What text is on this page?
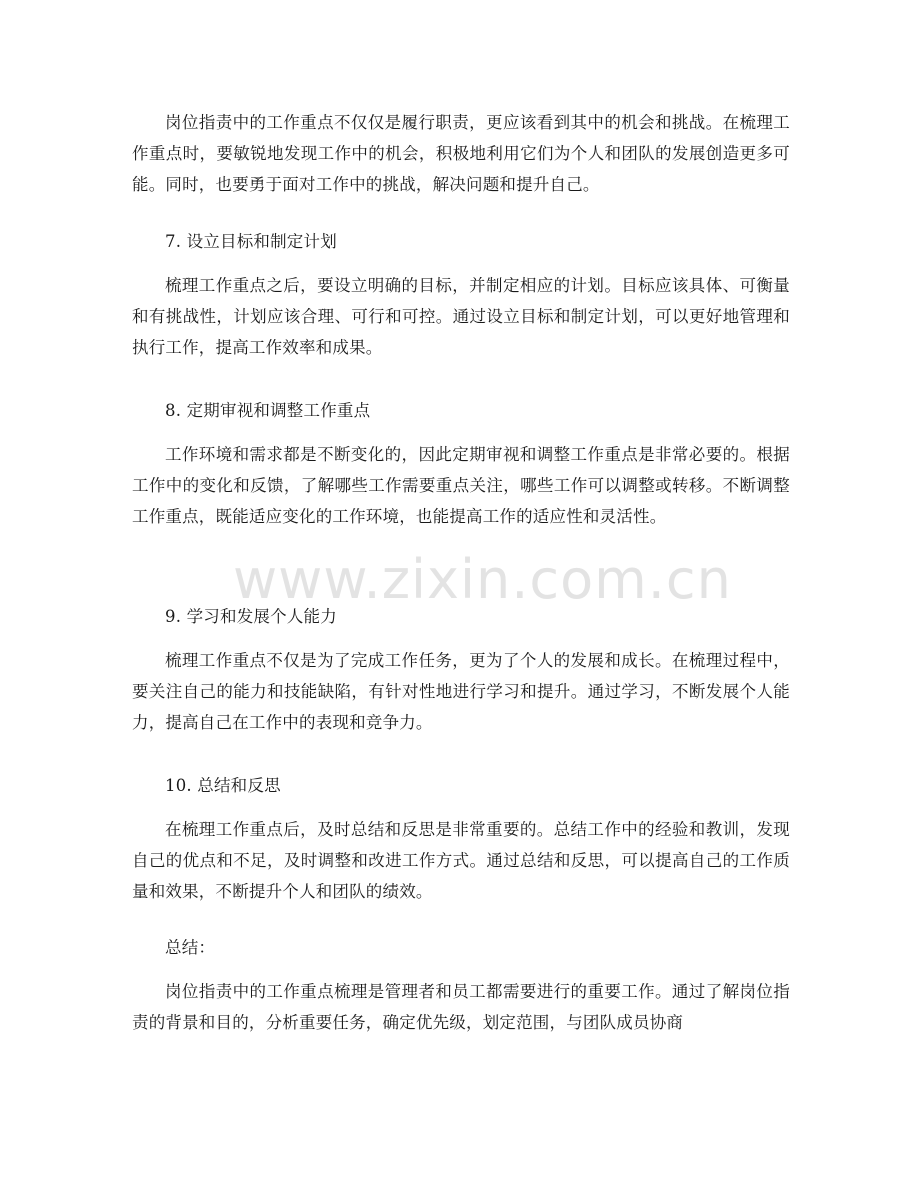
岗位指责中的工作重点不仅仅是履行职责，更应该看到其中的机会和挑战。在梳理工作重点时，要敏锐地发现工作中的机会，积极地利用它们为个人和团队的发展创造更多可能。同时，也要勇于面对工作中的挑战，解决问题和提升自己。

7. 设立目标和制定计划

梳理工作重点之后，要设立明确的目标，并制定相应的计划。目标应该具体、可衡量和有挑战性，计划应该合理、可行和可控。通过设立目标和制定计划，可以更好地管理和执行工作，提高工作效率和成果。

8. 定期审视和调整工作重点

工作环境和需求都是不断变化的，因此定期审视和调整工作重点是非常必要的。根据工作中的变化和反馈，了解哪些工作需要重点关注，哪些工作可以调整或转移。不断调整工作重点，既能适应变化的工作环境，也能提高工作的适应性和灵活性。

9. 学习和发展个人能力

梳理工作重点不仅是为了完成工作任务，更为了个人的发展和成长。在梳理过程中，要关注自己的能力和技能缺陷，有针对性地进行学习和提升。通过学习，不断发展个人能力，提高自己在工作中的表现和竞争力。

10. 总结和反思

在梳理工作重点后，及时总结和反思是非常重要的。总结工作中的经验和教训，发现自己的优点和不足，及时调整和改进工作方式。通过总结和反思，可以提高自己的工作质量和效果，不断提升个人和团队的绩效。

总结：

岗位指责中的工作重点梳理是管理者和员工都需要进行的重要工作。通过了解岗位指责的背景和目的，分析重要任务，确定优先级，划定范围，与团队成员协商

www.zixin.com.cn
